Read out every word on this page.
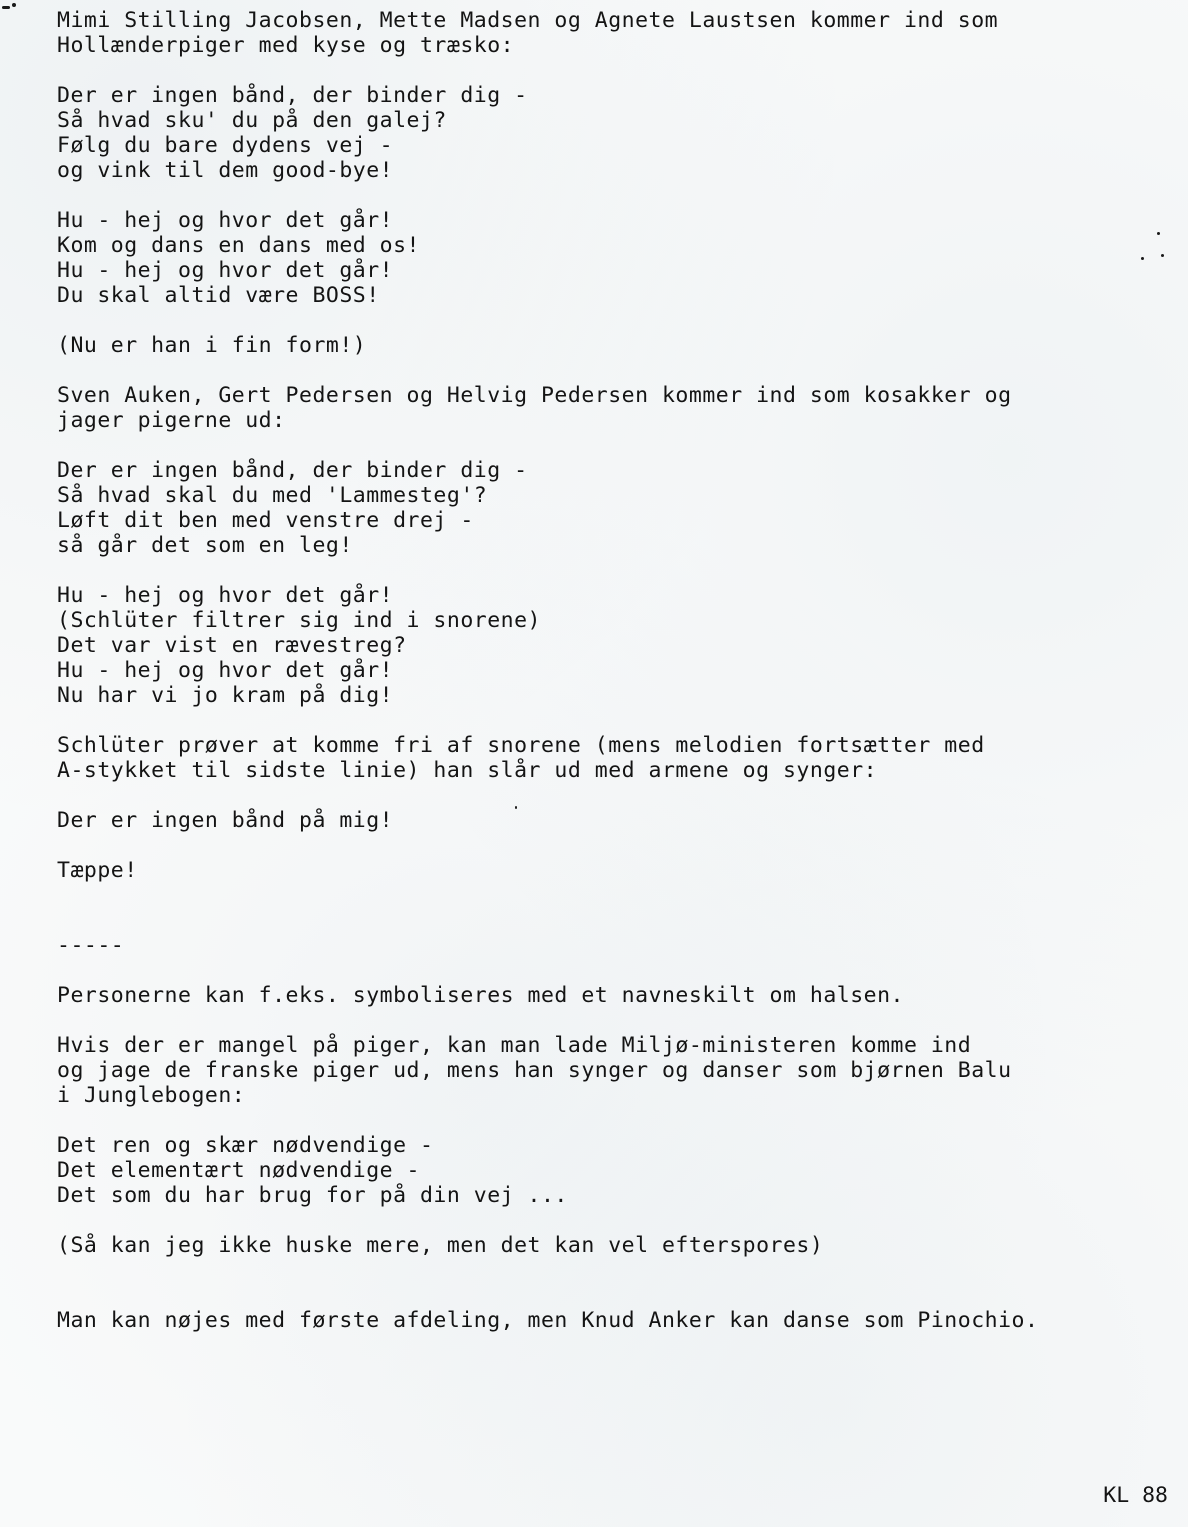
Mimi Stilling Jacobsen, Mette Madsen og Agnete Laustsen kommer ind som

Hollænderpiger med kyse og træsko:

Der er ingen bånd, der binder dig -

Så hvad sku' du på den galej?

Følg du bare dydens vej -

og vink til dem good-bye!

Hu - hej og hvor det går!

Kom og dans en dans med os!

Hu - hej og hvor det går!

Du skal altid være BOSS!

(Nu er han i fin form!)

Sven Auken, Gert Pedersen og Helvig Pedersen kommer ind som kosakker og

jager pigerne ud:

Der er ingen bånd, der binder dig -

Så hvad skal du med 'Lammesteg'?

Løft dit ben med venstre drej -

så går det som en leg!

Hu - hej og hvor det går!

(Schlüter filtrer sig ind i snorene)

Det var vist en rævestreg?

Hu - hej og hvor det går!

Nu har vi jo kram på dig!

Schlüter prøver at komme fri af snorene (mens melodien fortsætter med

A-stykket til sidste linie) han slår ud med armene og synger:

Der er ingen bånd på mig!

Tæppe!

-----

Personerne kan f.eks. symboliseres med et navneskilt om halsen.

Hvis der er mangel på piger, kan man lade Miljø-ministeren komme ind

og jage de franske piger ud, mens han synger og danser som bjørnen Balu

i Junglebogen:

Det ren og skær nødvendige -

Det elementært nødvendige -

Det som du har brug for på din vej ...

(Så kan jeg ikke huske mere, men det kan vel efterspores)

Man kan nøjes med første afdeling, men Knud Anker kan danse som Pinochio.

KL 88
